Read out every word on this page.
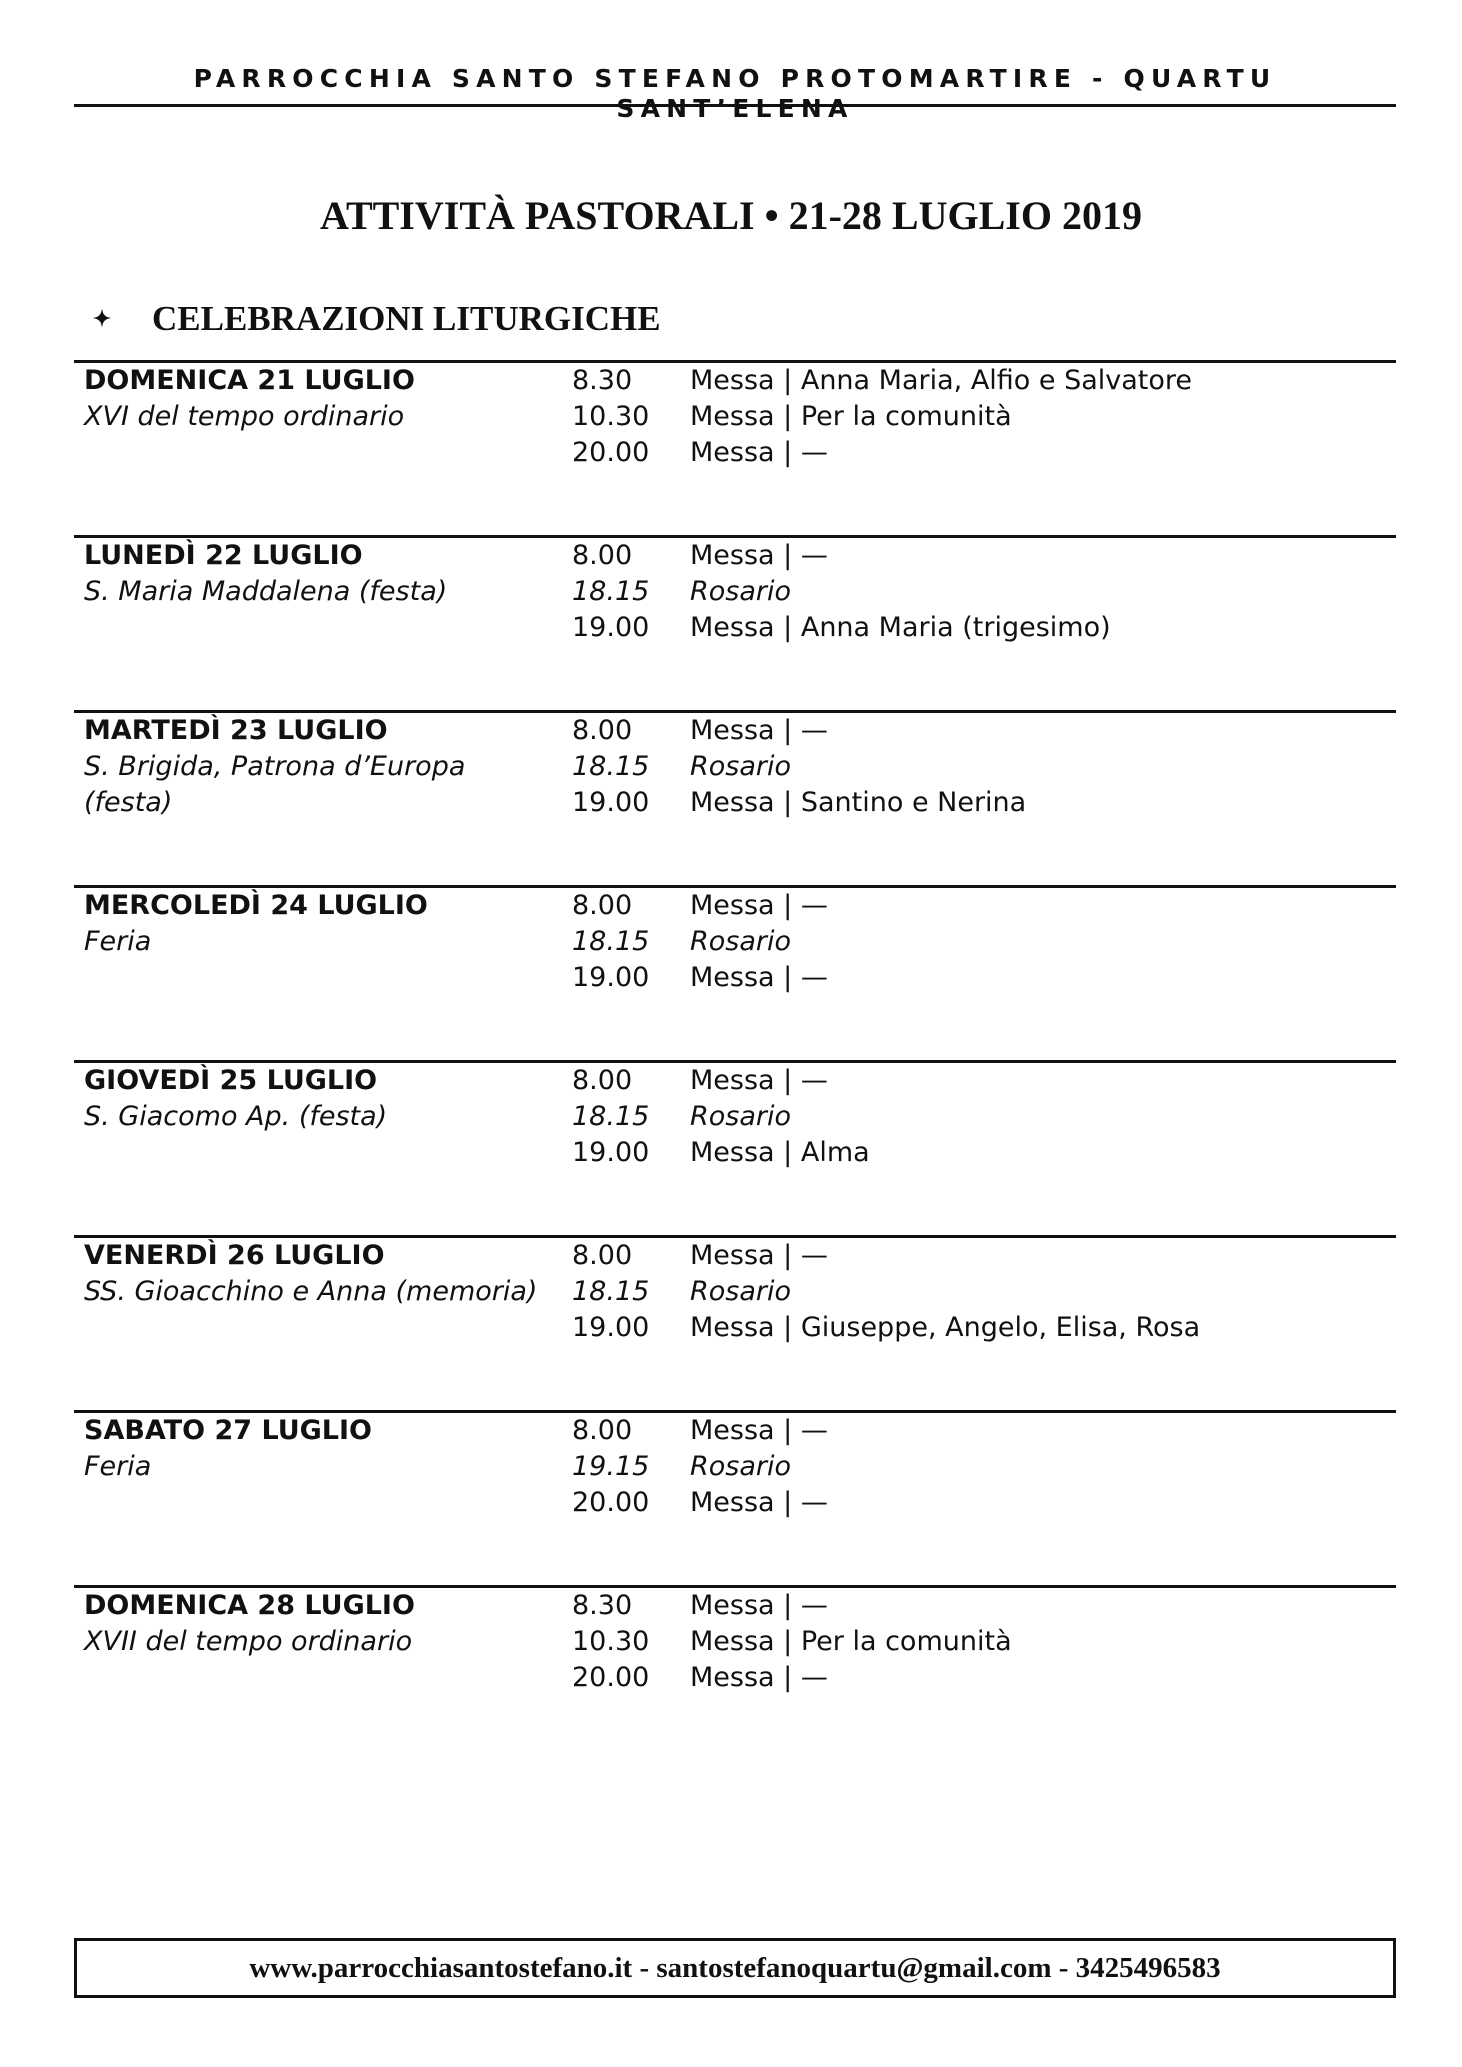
PARROCCHIA SANTO STEFANO PROTOMARTIRE - QUARTU SANT’ELENA
ATTIVITÀ PASTORALI • 21-28 LUGLIO 2019
✦ CELEBRAZIONI LITURGICHE
DOMENICA 21 LUGLIO
XVI del tempo ordinario
8.30	Messa | Anna Maria, Alfio e Salvatore
10.30	Messa | Per la comunità
20.00	Messa | —
LUNEDÌ 22 LUGLIO
S. Maria Maddalena (festa)
8.00	Messa | —
18.15	Rosario
19.00	Messa | Anna Maria (trigesimo)
MARTEDÌ 23 LUGLIO
S. Brigida, Patrona d’Europa
(festa)
8.00	Messa | —
18.15	Rosario
19.00	Messa | Santino e Nerina
MERCOLEDÌ 24 LUGLIO
Feria
8.00	Messa | —
18.15	Rosario
19.00	Messa | —
GIOVEDÌ 25 LUGLIO
S. Giacomo Ap. (festa)
8.00	Messa | —
18.15	Rosario
19.00	Messa | Alma
VENERDÌ 26 LUGLIO
SS. Gioacchino e Anna (memoria)
8.00	Messa | —
18.15	Rosario
19.00	Messa | Giuseppe, Angelo, Elisa, Rosa
SABATO 27 LUGLIO
Feria
8.00	Messa | —
19.15	Rosario
20.00	Messa | —
DOMENICA 28 LUGLIO
XVII del tempo ordinario
8.30	Messa | —
10.30	Messa | Per la comunità
20.00	Messa | —
www.parrocchiasantostefano.it - santostefanoquartu@gmail.com - 3425496583
